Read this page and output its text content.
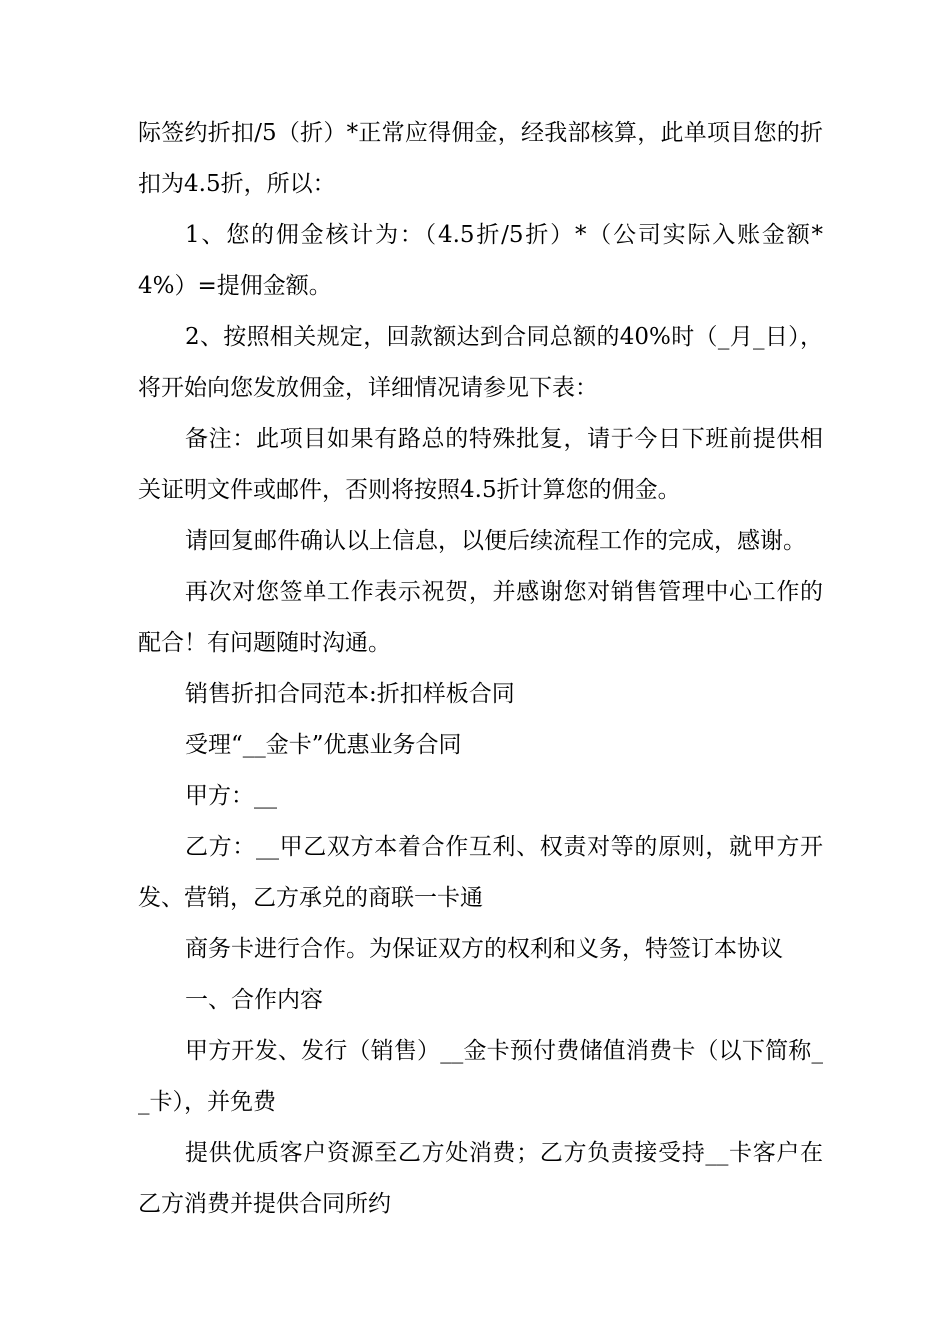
际签约折扣/5（折）*正常应得佣金，经我部核算，此单项目您的折扣为4.5折，所以：

1、您的佣金核计为：（4.5折/5折）*（公司实际入账金额*4%）=提佣金额。

2、按照相关规定，回款额达到合同总额的40%时（_月_日），将开始向您发放佣金，详细情况请参见下表：

备注：此项目如果有路总的特殊批复，请于今日下班前提供相关证明文件或邮件，否则将按照4.5折计算您的佣金。

请回复邮件确认以上信息，以便后续流程工作的完成，感谢。

再次对您签单工作表示祝贺，并感谢您对销售管理中心工作的配合！有问题随时沟通。

销售折扣合同范本:折扣样板合同

受理“__金卡”优惠业务合同

甲方：__

乙方：__甲乙双方本着合作互利、权责对等的原则，就甲方开发、营销，乙方承兑的商联一卡通

商务卡进行合作。为保证双方的权利和义务，特签订本协议

一、合作内容

甲方开发、发行（销售）__金卡预付费储值消费卡（以下简称__卡），并免费

提供优质客户资源至乙方处消费；乙方负责接受持__卡客户在乙方消费并提供合同所约
